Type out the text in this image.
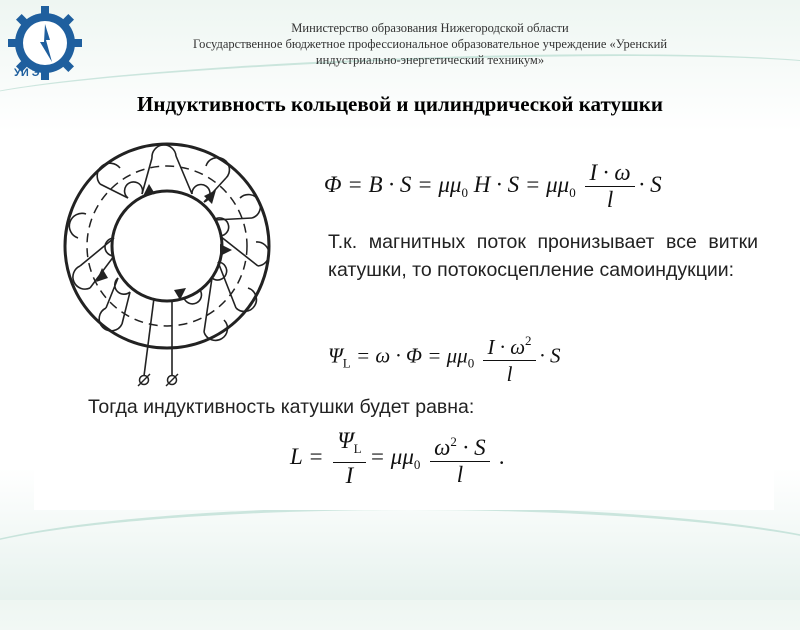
УИ ЭТ
Министерство образования Нижегородской области
Государственное бюджетное профессиональное образовательное учреждение «Уренский
индустриально-энергетический техникум»
Индуктивность кольцевой и цилиндрической катушки
$\Phi = B \cdot S = \mu\mu_0$ $H \cdot S = \mu\mu_0 \frac{I \cdot \omega}{l} \cdot S$
Т.к. магнитных поток пронизывает все витки катушки, то потокосцепление самоиндукции:
$\Psi_L = \omega \cdot \Phi = \mu\mu_0 \frac{I \cdot \omega^2}{l} \cdot S$
Тогда индуктивность катушки будет равна:
$L = \frac{\Psi_L}{I} = \mu\mu_0 \frac{\omega^2 \cdot S}{l}$ .
